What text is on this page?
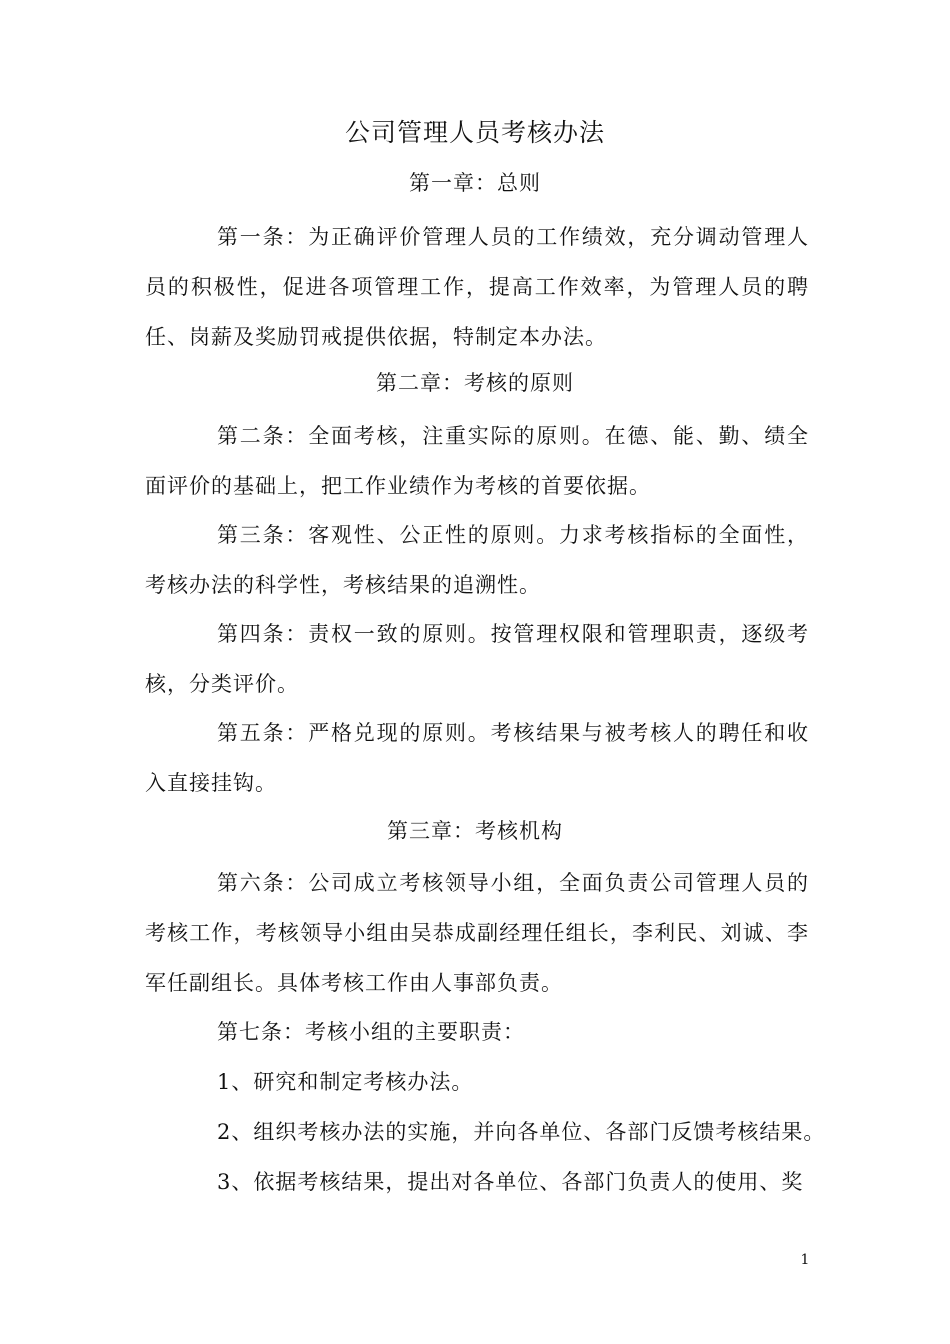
公司管理人员考核办法
第一章：总则
第一条：为正确评价管理人员的工作绩效，充分调动管理人员的积极性，促进各项管理工作，提高工作效率，为管理人员的聘任、岗薪及奖励罚戒提供依据，特制定本办法。
第二章：考核的原则
第二条：全面考核，注重实际的原则。在德、能、勤、绩全面评价的基础上，把工作业绩作为考核的首要依据。
第三条：客观性、公正性的原则。力求考核指标的全面性，考核办法的科学性，考核结果的追溯性。
第四条：责权一致的原则。按管理权限和管理职责，逐级考核，分类评价。
第五条：严格兑现的原则。考核结果与被考核人的聘任和收入直接挂钩。
第三章：考核机构
第六条：公司成立考核领导小组，全面负责公司管理人员的考核工作，考核领导小组由吴恭成副经理任组长，李利民、刘诚、李军任副组长。具体考核工作由人事部负责。
第七条：考核小组的主要职责：
1、研究和制定考核办法。
2、组织考核办法的实施，并向各单位、各部门反馈考核结果。
3、依据考核结果，提出对各单位、各部门负责人的使用、奖
1
